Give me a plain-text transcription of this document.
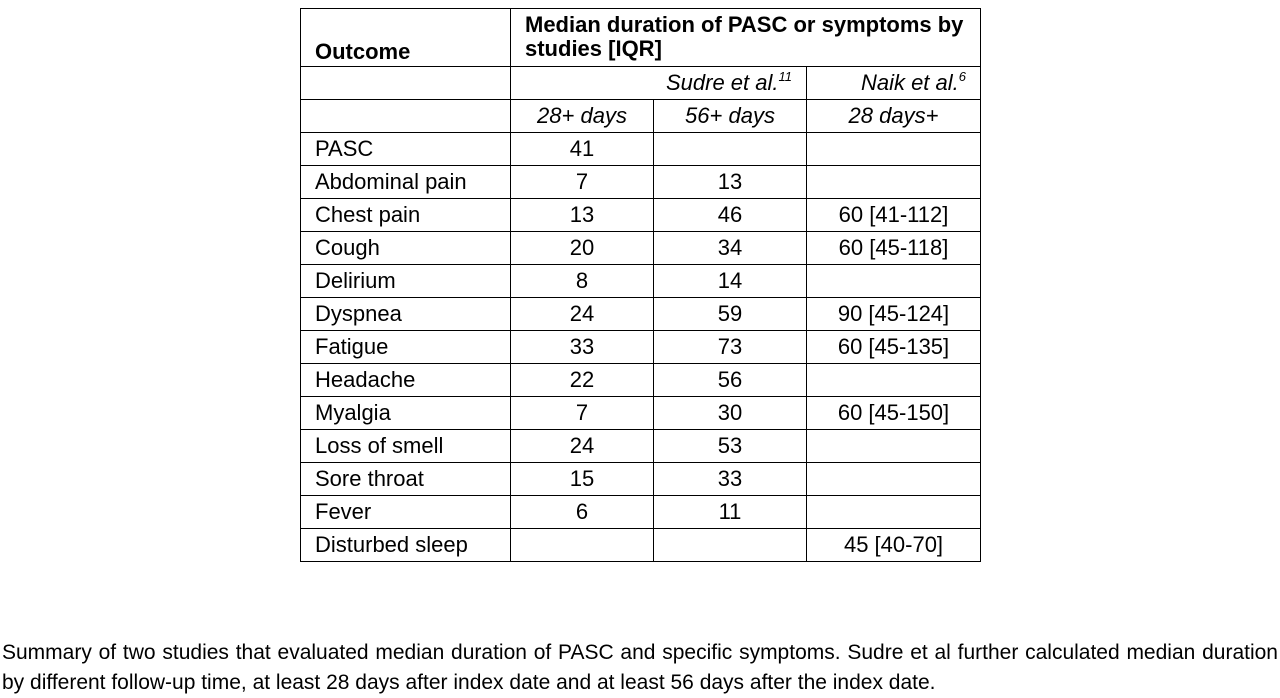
Outcome	Median duration of PASC or symptoms by studies [IQR]		
	Sudre et al.$^{11}$		Naik et al.$^6$
	28+ days	56+ days	28 days+
PASC	41		
Abdominal pain	7	13	
Chest pain	13	46	60 [41-112]
Cough	20	34	60 [45-118]
Delirium	8	14	
Dyspnea	24	59	90 [45-124]
Fatigue	33	73	60 [45-135]
Headache	22	56	
Myalgia	7	30	60 [45-150]
Loss of smell	24	53	
Sore throat	15	33	
Fever	6	11	
Disturbed sleep			45 [40-70]

Summary of two studies that evaluated median duration of PASC and specific symptoms. Sudre et al further calculated median duration by different follow-up time, at least 28 days after index date and at least 56 days after the index date.
